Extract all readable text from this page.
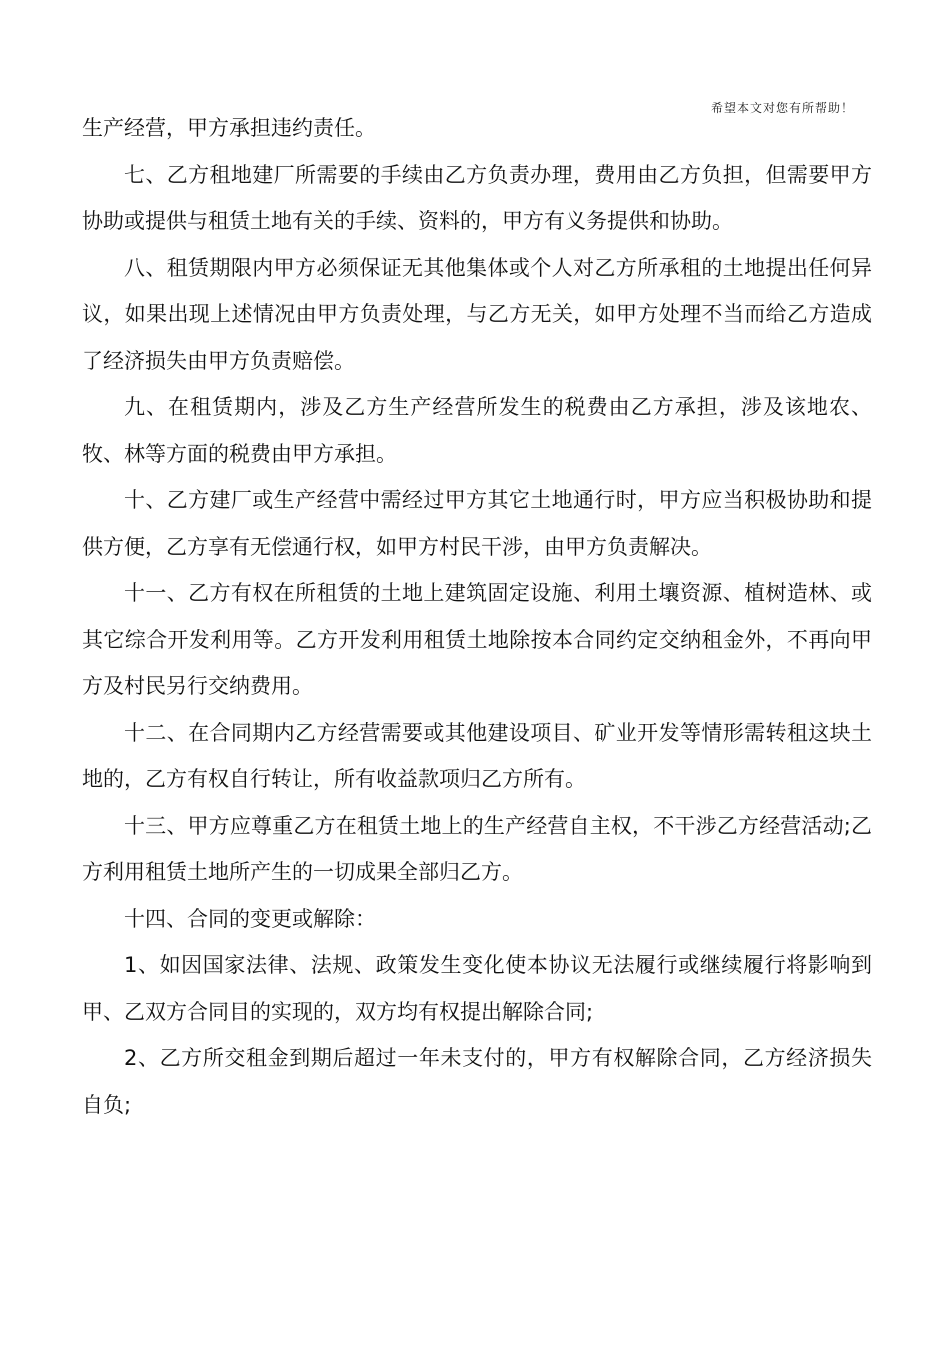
希望本文对您有所帮助！

生产经营，甲方承担违约责任。

七、乙方租地建厂所需要的手续由乙方负责办理，费用由乙方负担，但需要甲方协助或提供与租赁土地有关的手续、资料的，甲方有义务提供和协助。

八、租赁期限内甲方必须保证无其他集体或个人对乙方所承租的土地提出任何异议，如果出现上述情况由甲方负责处理，与乙方无关，如甲方处理不当而给乙方造成了经济损失由甲方负责赔偿。

九、在租赁期内，涉及乙方生产经营所发生的税费由乙方承担，涉及该地农、牧、林等方面的税费由甲方承担。

十、乙方建厂或生产经营中需经过甲方其它土地通行时，甲方应当积极协助和提供方便，乙方享有无偿通行权，如甲方村民干涉，由甲方负责解决。

十一、乙方有权在所租赁的土地上建筑固定设施、利用土壤资源、植树造林、或其它综合开发利用等。乙方开发利用租赁土地除按本合同约定交纳租金外，不再向甲方及村民另行交纳费用。

十二、在合同期内乙方经营需要或其他建设项目、矿业开发等情形需转租这块土地的，乙方有权自行转让，所有收益款项归乙方所有。

十三、甲方应尊重乙方在租赁土地上的生产经营自主权，不干涉乙方经营活动;乙方利用租赁土地所产生的一切成果全部归乙方。

十四、合同的变更或解除：

1、如因国家法律、法规、政策发生变化使本协议无法履行或继续履行将影响到甲、乙双方合同目的实现的，双方均有权提出解除合同;

2、乙方所交租金到期后超过一年未支付的，甲方有权解除合同，乙方经济损失自负;
